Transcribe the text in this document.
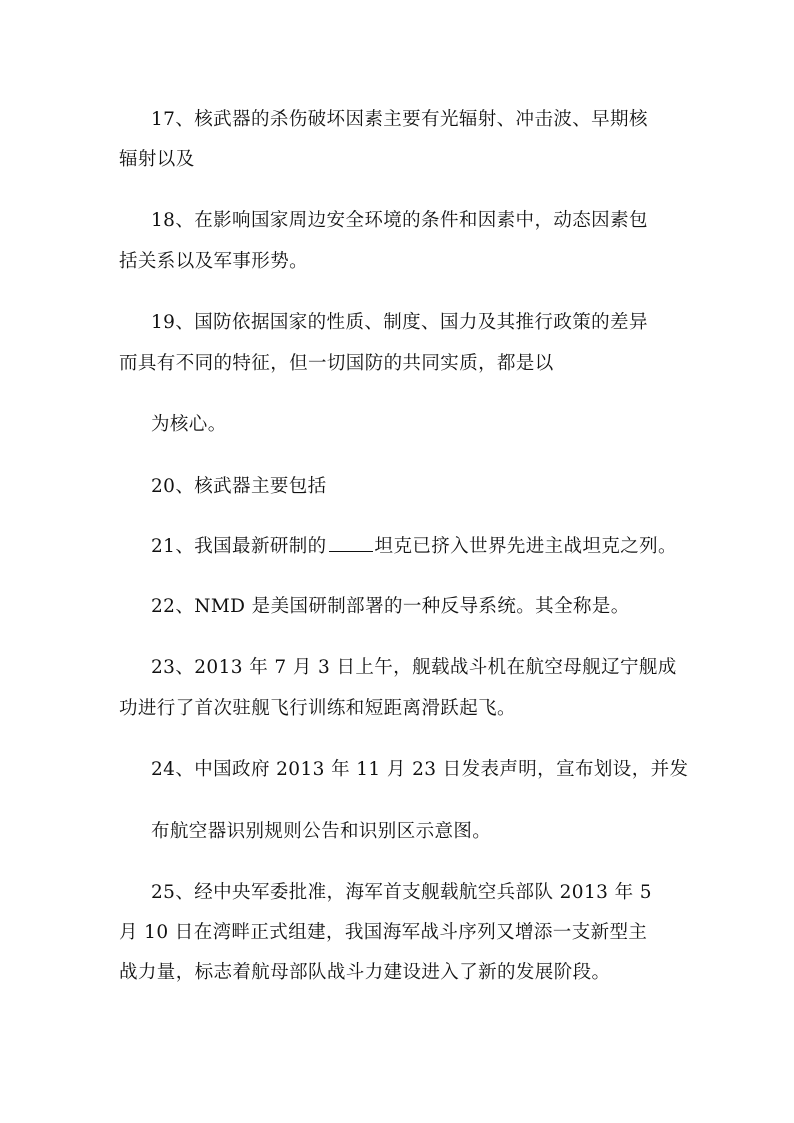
17、核武器的杀伤破坏因素主要有光辐射、冲击波、早期核
辐射以及
18、在影响国家周边安全环境的条件和因素中，动态因素包
括关系以及军事形势。
19、国防依据国家的性质、制度、国力及其推行政策的差异
而具有不同的特征，但一切国防的共同实质，都是以
为核心。
20、核武器主要包括
21、我国最新研制的	坦克已挤入世界先进主战坦克之列。
22、NMD 是美国研制部署的一种反导系统。其全称是。
23、2013 年 7 月 3 日上午，舰载战斗机在航空母舰辽宁舰成
功进行了首次驻舰飞行训练和短距离滑跃起飞。
24、中国政府 2013 年 11 月 23 日发表声明，宣布划设，并发
布航空器识别规则公告和识别区示意图。
25、经中央军委批准，海军首支舰载航空兵部队 2013 年 5
月 10 日在湾畔正式组建，我国海军战斗序列又增添一支新型主
战力量，标志着航母部队战斗力建设进入了新的发展阶段。
